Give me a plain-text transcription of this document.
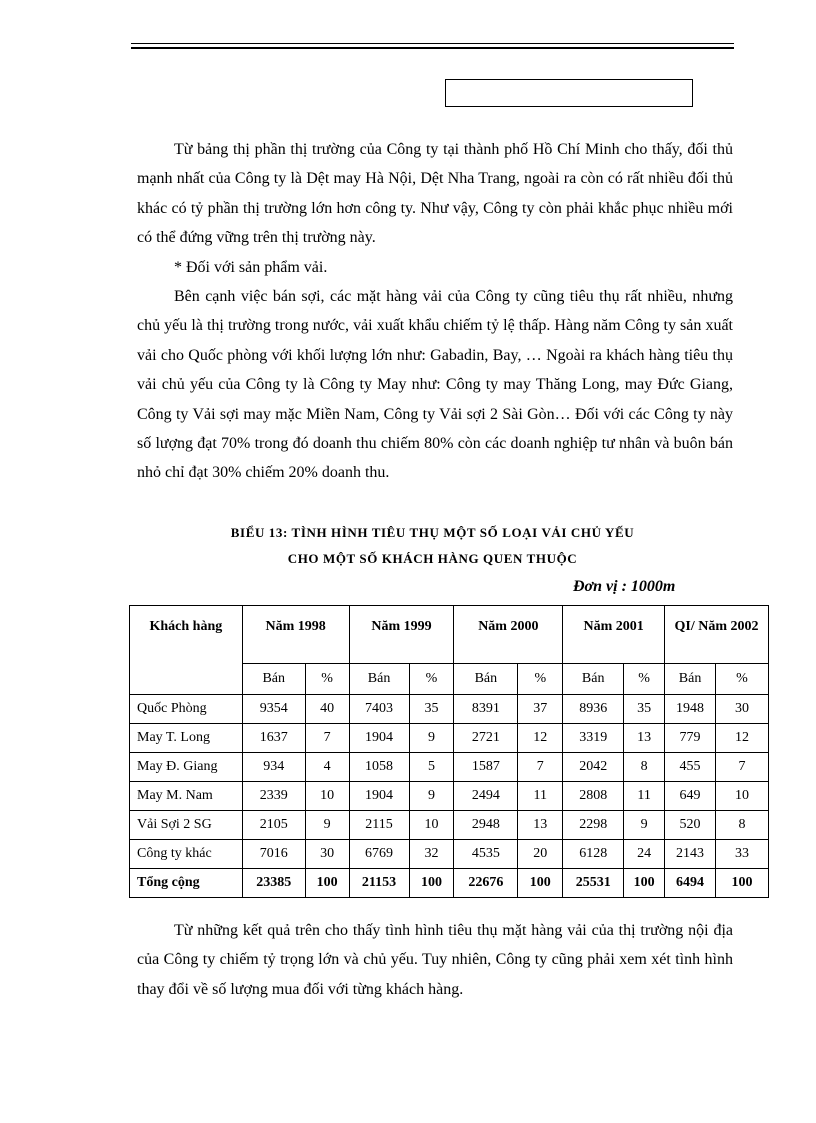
Từ bảng thị phần thị trường của Công ty tại thành phố Hồ Chí Minh cho thấy, đối thủ mạnh nhất của Công ty là Dệt may Hà Nội, Dệt Nha Trang, ngoài ra còn có rất nhiều đối thủ khác có tỷ phần thị trường lớn hơn công ty. Như vậy, Công ty còn phải khắc phục nhiều mới có thể đứng vững trên thị trường này.

* Đối với sản phẩm vải.

Bên cạnh việc bán sợi, các mặt hàng vải của Công ty cũng tiêu thụ rất nhiều, nhưng chủ yếu là thị trường trong nước, vải xuất khẩu chiếm tỷ lệ thấp. Hàng năm Công ty sản xuất vải cho Quốc phòng với khối lượng lớn như: Gabadin, Bay, … Ngoài ra khách hàng tiêu thụ vải chủ yếu của Công ty là Công ty May như: Công ty may Thăng Long, may Đức Giang, Công ty Vải sợi may mặc Miền Nam, Công ty Vải sợi 2 Sài Gòn… Đối với các Công ty này số lượng đạt 70% trong đó doanh thu chiếm 80% còn các doanh nghiệp tư nhân và buôn bán nhỏ chỉ đạt 30% chiếm 20% doanh thu.

BIỂU 13: TÌNH HÌNH TIÊU THỤ MỘT SỐ LOẠI VẢI CHỦ YẾU
CHO MỘT SỐ KHÁCH HÀNG QUEN THUỘC
Đơn vị : 1000m
Khách hàng	Năm 1998		Năm 1999		Năm 2000		Năm 2001		QI/ Năm 2002	
	Bán	%	Bán	%	Bán	%	Bán	%	Bán	%
Quốc Phòng	9354	40	7403	35	8391	37	8936	35	1948	30
May T. Long	1637	7	1904	9	2721	12	3319	13	779	12
May Đ. Giang	934	4	1058	5	1587	7	2042	8	455	7
May M. Nam	2339	10	1904	9	2494	11	2808	11	649	10
Vải Sợi 2 SG	2105	9	2115	10	2948	13	2298	9	520	8
Công ty khác	7016	30	6769	32	4535	20	6128	24	2143	33
Tổng cộng	23385	100	21153	100	22676	100	25531	100	6494	100

Từ những kết quả trên cho thấy tình hình tiêu thụ mặt hàng vải của thị trường nội địa của Công ty chiếm tỷ trọng lớn và chủ yếu. Tuy nhiên, Công ty cũng phải xem xét tình hình thay đổi về số lượng mua đối với từng khách hàng.
